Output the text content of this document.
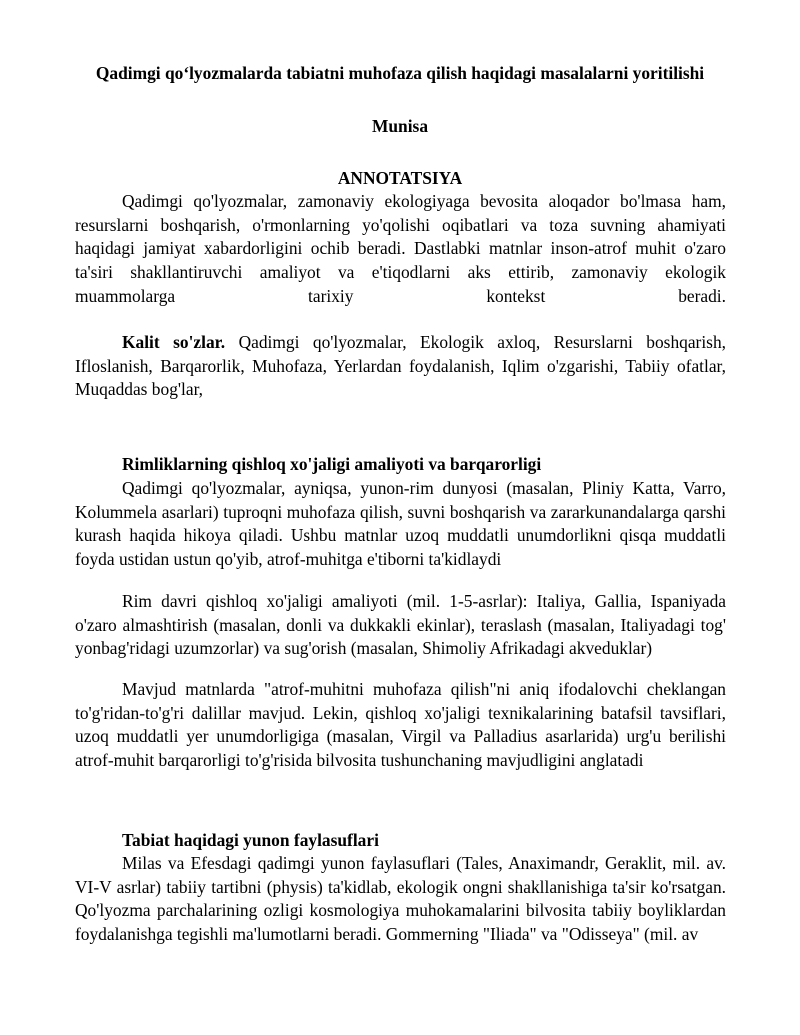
Qadimgi qo‘lyozmalarda tabiatni muhofaza qilish haqidagi masalalarni yoritilishi
Munisa
ANNOTATSIYA
Qadimgi qo'lyozmalar, zamonaviy ekologiyaga bevosita aloqador bo'lmasa ham, resurslarni boshqarish, o'rmonlarning yo'qolishi oqibatlari va toza suvning ahamiyati haqidagi jamiyat xabardorligini ochib beradi. Dastlabki matnlar inson-atrof muhit o'zaro ta'siri shakllantiruvchi amaliyot va e'tiqodlarni aks ettirib, zamonaviy ekologik muammolarga tarixiy kontekst beradi.
Kalit so'zlar. Qadimgi qo'lyozmalar, Ekologik axloq, Resurslarni boshqarish, Ifloslanish, Barqarorlik, Muhofaza, Yerlardan foydalanish, Iqlim o'zgarishi, Tabiiy ofatlar, Muqaddas bog'lar,
Rimliklarning qishloq xo'jaligi amaliyoti va barqarorligi
Qadimgi qo'lyozmalar, ayniqsa, yunon-rim dunyosi (masalan, Pliniy Katta, Varro, Kolummela asarlari) tuproqni muhofaza qilish, suvni boshqarish va zararkunandalarga qarshi kurash haqida hikoya qiladi. Ushbu matnlar uzoq muddatli unumdorlikni qisqa muddatli foyda ustidan ustun qo'yib, atrof-muhitga e'tiborni ta'kidlaydi
Rim davri qishloq xo'jaligi amaliyoti (mil. 1-5-asrlar): Italiya, Gallia, Ispaniyada o'zaro almashtirish (masalan, donli va dukkakli ekinlar), teraslash (masalan, Italiyadagi tog' yonbag'ridagi uzumzorlar) va sug'orish (masalan, Shimoliy Afrikadagi akveduklar)
Mavjud matnlarda "atrof-muhitni muhofaza qilish"ni aniq ifodalovchi cheklangan to'g'ridan-to'g'ri dalillar mavjud. Lekin, qishloq xo'jaligi texnikalarining batafsil tavsiflari, uzoq muddatli yer unumdorligiga (masalan, Virgil va Palladius asarlarida) urg'u berilishi atrof-muhit barqarorligi to'g'risida bilvosita tushunchaning mavjudligini anglatadi
Tabiat haqidagi yunon faylasuflari
Milas va Efesdagi qadimgi yunon faylasuflari (Tales, Anaximandr, Geraklit, mil. av. VI-V asrlar) tabiiy tartibni (physis) ta'kidlab, ekologik ongni shakllanishiga ta'sir ko'rsatgan. Qo'lyozma parchalarining ozligi kosmologiya muhokamalarini bilvosita tabiiy boyliklardan foydalanishga tegishli ma'lumotlarni beradi. Gommerning "Iliada" va "Odisseya" (mil. av
